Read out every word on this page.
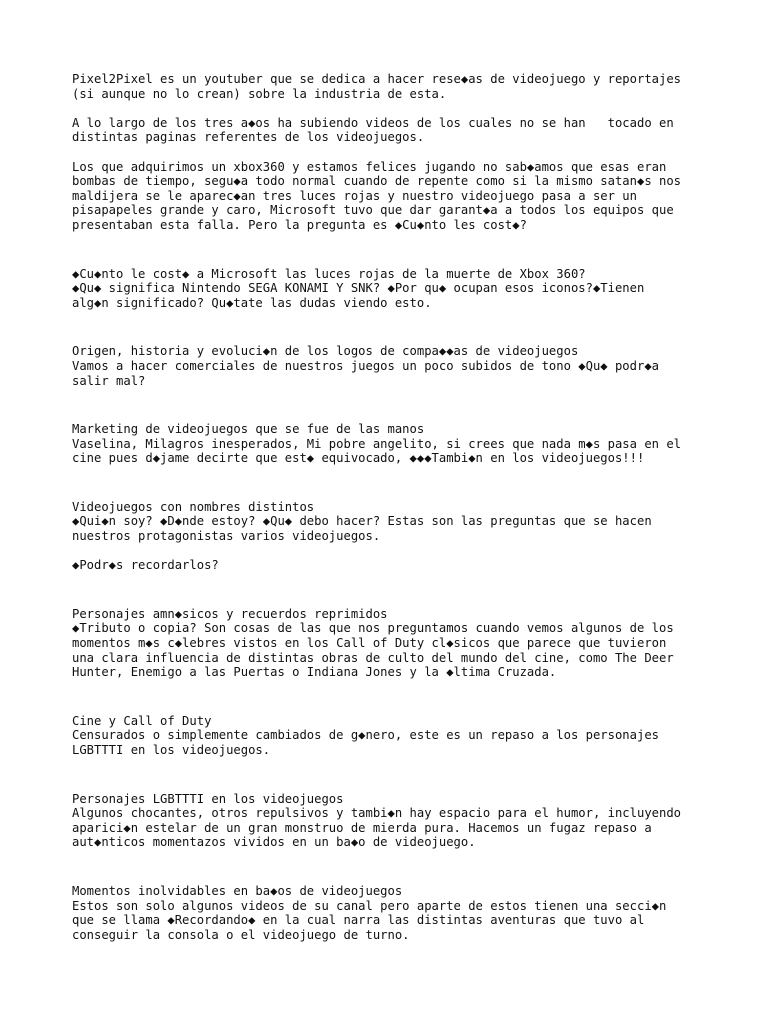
Pixel2Pixel es un youtuber que se dedica a hacer rese◆as de videojuego y reportajes
(si aunque no lo crean) sobre la industria de esta.
A lo largo de los tres a◆os ha subiendo videos de los cuales no se han   tocado en
distintas paginas referentes de los videojuegos.
Los que adquirimos un xbox360 y estamos felices jugando no sab◆amos que esas eran
bombas de tiempo, segu◆a todo normal cuando de repente como si la mismo satan◆s nos
maldijera se le aparec◆an tres luces rojas y nuestro videojuego pasa a ser un
pisapapeles grande y caro, Microsoft tuvo que dar garant◆a a todos los equipos que
presentaban esta falla. Pero la pregunta es ◆Cu◆nto les cost◆?
◆Cu◆nto le cost◆ a Microsoft las luces rojas de la muerte de Xbox 360?
◆Qu◆ significa Nintendo SEGA KONAMI Y SNK? ◆Por qu◆ ocupan esos iconos?◆Tienen
alg◆n significado? Qu◆tate las dudas viendo esto.
Origen, historia y evoluci◆n de los logos de compa◆◆as de videojuegos
Vamos a hacer comerciales de nuestros juegos un poco subidos de tono ◆Qu◆ podr◆a
salir mal?
Marketing de videojuegos que se fue de las manos
Vaselina, Milagros inesperados, Mi pobre angelito, si crees que nada m◆s pasa en el
cine pues d◆jame decirte que est◆ equivocado, ◆◆◆Tambi◆n en los videojuegos!!!
Videojuegos con nombres distintos
◆Qui◆n soy? ◆D◆nde estoy? ◆Qu◆ debo hacer? Estas son las preguntas que se hacen
nuestros protagonistas varios videojuegos.
◆Podr◆s recordarlos?
Personajes amn◆sicos y recuerdos reprimidos
◆Tributo o copia? Son cosas de las que nos preguntamos cuando vemos algunos de los
momentos m◆s c◆lebres vistos en los Call of Duty cl◆sicos que parece que tuvieron
una clara influencia de distintas obras de culto del mundo del cine, como The Deer
Hunter, Enemigo a las Puertas o Indiana Jones y la ◆ltima Cruzada.
Cine y Call of Duty
Censurados o simplemente cambiados de g◆nero, este es un repaso a los personajes
LGBTTTI en los videojuegos.
Personajes LGBTTTI en los videojuegos
Algunos chocantes, otros repulsivos y tambi◆n hay espacio para el humor, incluyendo
aparici◆n estelar de un gran monstruo de mierda pura. Hacemos un fugaz repaso a
aut◆nticos momentazos vividos en un ba◆o de videojuego.
Momentos inolvidables en ba◆os de videojuegos
Estos son solo algunos videos de su canal pero aparte de estos tienen una secci◆n
que se llama ◆Recordando◆ en la cual narra las distintas aventuras que tuvo al
conseguir la consola o el videojuego de turno.
